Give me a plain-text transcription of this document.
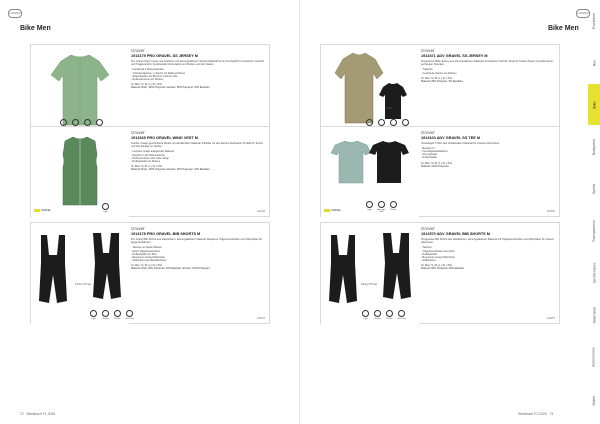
GONSO
Bike Men
Gravel
1913179 PRO GRAVEL SS JERSEY M
Pro Gravel Sport Jersey aus leichtem und atmungsaktivem Stretch-Material für ein Hochgefühl mit leichtem Gewicht und Tragekomfort. Funktionelle Netzstruktur am Rücken und den Seiten.
- Funktional 3 Rückentaschen
- 2 Rückentaschen, 1 Tasche mit Reißverschluss
- Silikonstreifen am Bund für sicheren Sitz
- Reflexelemente am Rücken
Gr. Men: S | M | L | XL | XXL
Material: Body: 100% Polyester; Einsatz: 85% Polyamid, 15% Elasthan
Gravel
1913165 PRO GRAVEL WIND VEST M
Leichte, knapp geschnittene Weste mit winddichtem Material. Packbar für den kleinen Rucksack. Perfekt für Touren und den Einsatz im Herbst.
- Leichtes, knapp anliegendes Material
- Packbar in die Rückentasche
- Reißverschluss über volle Länge
- Reflexdetails am Rücken
Gr. Men: S | M | L | XL | XXL
Material: Body: 100% Polyester; Einsatz: 90% Polyester, 10% Elasthan
GRAVEL	Light	191316
Infinity CP Fast
Gravel
1913178 PRO GRAVEL BIB SHORTS M
Pro Gravel Bib Shorts aus elastischem, atmungsaktivem Material. Bequeme Trägerkonstruktion und Sitzpolster für lange Ausfahrten.
- Taschen an beiden Beinen
- Mesh-Trägerkonstruktion
- Reflexdetails am Bein
- Bequemes Gravel-Sitzpolster
- Silikonbund am Beinabschluss
Gr. Men: S | M | L | XL | XXL
Material: Body: 80% Polyamid, 20% Elasthan; Einsatz: 100% Polyester
Light	Stretch	Reflex	Quick Dry	191317
72 Werkbuch F1 2025
GONSO
Bike Men
OLIVE
Gravel
1913471 ADV GRAVEL SS JERSEY M
Progressive Bike-Jersey aus atmungsaktivem Material mit lockerem Schnitt. Ideal für Gravel-Touren und Abenteuer auf langen Strecken.
- Tragkraft
- Gesicherte Tasche am Rücken
Gr. Men: S | M | L | XL | XXL
Material: 95% Polyester, 5% Elasthan
Gravel
1913103 ADV GRAVEL SS TEE M
Vielseitiges T-Shirt aus funktionalem Material für Gravel und Freizeit.
- Bequem fit
- Feuchtigkeitsableitend
- Atmungsaktiv
- Reflexdetails
Gr. Men: S | M | L | XL | XXL
Material: 100% Polyester
GRAVEL	Light	Atmungs-aktiv
Reflex	191310
Infinity CP Fast
Gravel
1912570 ADV GRAVEL BIB SHORTS M
Progressive Bib Shorts aus elastischem, atmungsaktivem Material mit Trägerkonstruktion und Sitzpolster für Gravel-Abenteuer.
- Taschen
- Trägerkonstruktion aus Mesh
- Reflexdetails
- Bequemes Gravel-Sitzpolster
- Silikonbund
Gr. Men: S | M | L | XL | XXL
Material: 80% Polyamid, 20% Elasthan
Light	Stretch	Reflex	Quick Dry	191257
Werkbuch F1 2025 73
Frontlaine
Run
Bike
Bodywear
Sports
Transparence
Spirit/Leisure
Outerwear
Accessories
Outlet
